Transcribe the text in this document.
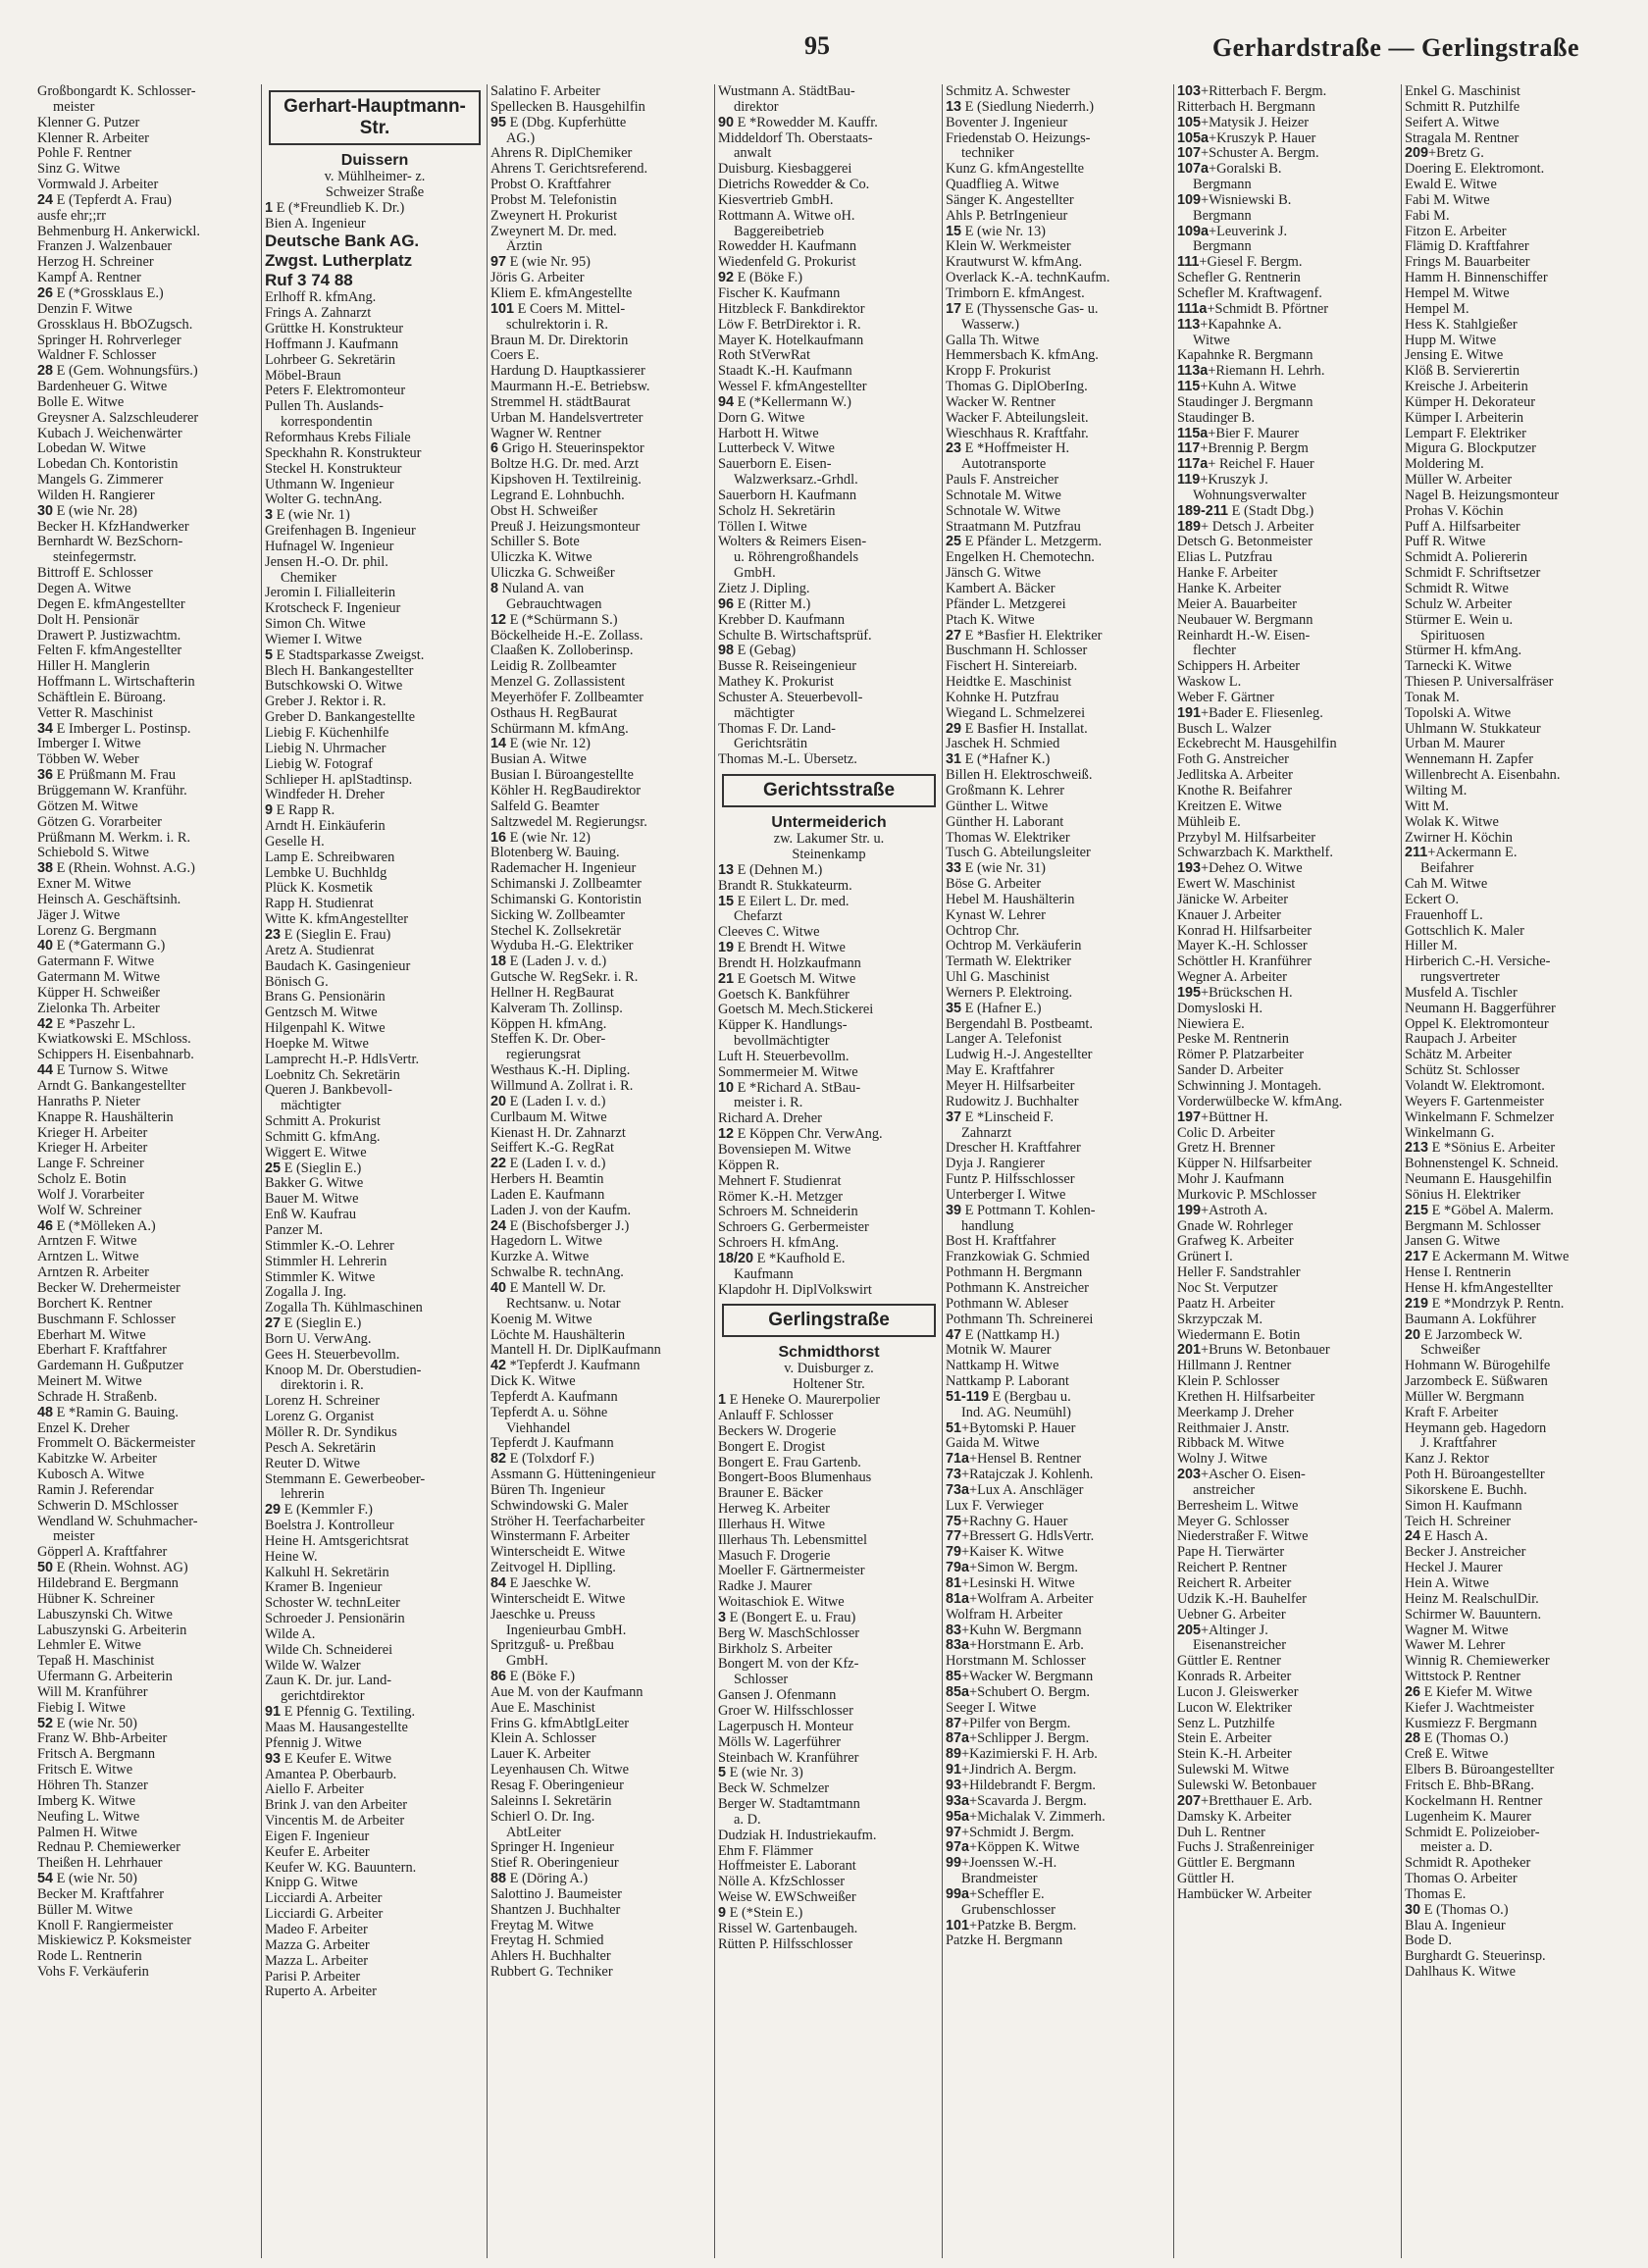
95	Gerhardstraße — Gerlingstraße
Großbongardt K. Schlosser-
meister
Klenner G. Putzer
Klenner R. Arbeiter
Pohle F. Rentner
Sinz G. Witwe
Vormwald J. Arbeiter
24 E (Tepferdt A. Frau)
ausfe ehr;;rr
Behmenburg H. Ankerwickl.
Franzen J. Walzenbauer
Herzog H. Schreiner
Kampf A. Rentner
26 E (*Grossklaus E.)
Denzin F. Witwe
Grossklaus H. BbOZugsch.
Springer H. Rohrverleger
Waldner F. Schlosser
28 E (Gem. Wohnungsfürs.)
Bardenheuer G. Witwe
Bolle E. Witwe
Greysner A. Salzschleuderer
Kubach J. Weichenwärter
Lobedan W. Witwe
Lobedan Ch. Kontoristin
Mangels G. Zimmerer
Wilden H. Rangierer
30 E (wie Nr. 28)
Becker H. KfzHandwerker
Bernhardt W. BezSchorn-
steinfegermstr.
Bittroff E. Schlosser
Degen A. Witwe
Degen E. kfmAngestellter
Dolt H. Pensionär
Drawert P. Justizwachtm.
Felten F. kfmAngestellter
Hiller H. Manglerin
Hoffmann L. Wirtschafterin
Schäftlein E. Büroang.
Vetter R. Maschinist
34 E Imberger L. Postinsp.
Imberger I. Witwe
Többen W. Weber
36 E Prüßmann M. Frau
Brüggemann W. Kranführ.
Götzen M. Witwe
Götzen G. Vorarbeiter
Prüßmann M. Werkm. i. R.
Schiebold S. Witwe
38 E (Rhein. Wohnst. A.G.)
Exner M. Witwe
Heinsch A. Geschäftsinh.
Jäger J. Witwe
Lorenz G. Bergmann
40 E (*Gatermann G.)
Gatermann F. Witwe
Gatermann M. Witwe
Küpper H. Schweißer
Zielonka Th. Arbeiter
42 E *Paszehr L.
Kwiatkowski E. MSchloss.
Schippers H. Eisenbahnarb.
44 E Turnow S. Witwe
Arndt G. Bankangestellter
Hanraths P. Nieter
Knappe R. Haushälterin
Krieger H. Arbeiter
Krieger H. Arbeiter
Lange F. Schreiner
Scholz E. Botin
Wolf J. Vorarbeiter
Wolf W. Schreiner
46 E (*Mölleken A.)
Arntzen F. Witwe
Arntzen L. Witwe
Arntzen R. Arbeiter
Becker W. Drehermeister
Borchert K. Rentner
Buschmann F. Schlosser
Eberhart M. Witwe
Eberhart F. Kraftfahrer
Gardemann H. Gußputzer
Meinert M. Witwe
Schrade H. Straßenb.
48 E *Ramin G. Bauing.
Enzel K. Dreher
Frommelt O. Bäckermeister
Kabitzke W. Arbeiter
Kubosch A. Witwe
Ramin J. Referendar
Schwerin D. MSchlosser
Wendland W. Schuhmacher-
meister
Göpperl A. Kraftfahrer
50 E (Rhein. Wohnst. AG)
Hildebrand E. Bergmann
Hübner K. Schreiner
Labuszynski Ch. Witwe
Labuszynski G. Arbeiterin
Lehmler E. Witwe
Tepaß H. Maschinist
Ufermann G. Arbeiterin
Will M. Kranführer
Fiebig I. Witwe
52 E (wie Nr. 50)
Franz W. Bhb-Arbeiter
Fritsch A. Bergmann
Fritsch E. Witwe
Höhren Th. Stanzer
Imberg K. Witwe
Neufing L. Witwe
Palmen H. Witwe
Rednau P. Chemiewerker
Theißen H. Lehrhauer
54 E (wie Nr. 50)
Becker M. Kraftfahrer
Büller M. Witwe
Knoll F. Rangiermeister
Miskiewicz P. Koksmeister
Rode L. Rentnerin
Vohs F. Verkäuferin
Gerhart-Hauptmann-Str.
Duissern
v. Mühlheimer- z.
Schweizer Straße
1 E (*Freundlieb K. Dr.)
Bien A. Ingenieur
Deutsche Bank AG.
Zwgst. Lutherplatz
Ruf 3 74 88
Erlhoff R. kfmAng.
Frings A. Zahnarzt
Grüttke H. Konstrukteur
Hoffmann J. Kaufmann
Lohrbeer G. Sekretärin
Möbel-Braun
Peters F. Elektromonteur
Pullen Th. Auslands-
korrespondentin
Reformhaus Krebs Filiale
Speckhahn R. Konstrukteur
Steckel H. Konstrukteur
Uthmann W. Ingenieur
Wolter G. technAng.
3 E (wie Nr. 1)
Greifenhagen B. Ingenieur
Hufnagel W. Ingenieur
Jensen H.-O. Dr. phil.
Chemiker
Jeromin I. Filialleiterin
Krotscheck F. Ingenieur
Simon Ch. Witwe
Wiemer I. Witwe
5 E Stadtsparkasse Zweigst.
Blech H. Bankangestellter
Butschkowski O. Witwe
Greber J. Rektor i. R.
Greber D. Bankangestellte
Liebig F. Küchenhilfe
Liebig N. Uhrmacher
Liebig W. Fotograf
Schlieper H. aplStadtinsp.
Windfeder H. Dreher
9 E Rapp R.
Arndt H. Einkäuferin
Geselle H.
Lamp E. Schreibwaren
Lembke U. Buchhldg
Plück K. Kosmetik
Rapp H. Studienrat
Witte K. kfmAngestellter
23 E (Sieglin E. Frau)
Aretz A. Studienrat
Baudach K. Gasingenieur
Bönisch G.
Brans G. Pensionärin
Gentzsch M. Witwe
Hilgenpahl K. Witwe
Hoepke M. Witwe
Lamprecht H.-P. HdlsVertr.
Loebnitz Ch. Sekretärin
Queren J. Bankbevoll-
mächtigter
Schmitt A. Prokurist
Schmitt G. kfmAng.
Wiggert E. Witwe
25 E (Sieglin E.)
Bakker G. Witwe
Bauer M. Witwe
Enß W. Kaufrau
Panzer M.
Stimmler K.-O. Lehrer
Stimmler H. Lehrerin
Stimmler K. Witwe
Zogalla J. Ing.
Zogalla Th. Kühlmaschinen
27 E (Sieglin E.)
Born U. VerwAng.
Gees H. Steuerbevollm.
Knoop M. Dr. Oberstudien-
direktorin i. R.
Lorenz H. Schreiner
Lorenz G. Organist
Möller R. Dr. Syndikus
Pesch A. Sekretärin
Reuter D. Witwe
Stemmann E. Gewerbeober-
lehrerin
29 E (Kemmler F.)
Boelstra J. Kontrolleur
Heine H. Amtsgerichtsrat
Heine W.
Kalkuhl H. Sekretärin
Kramer B. Ingenieur
Schoster W. technLeiter
Schroeder J. Pensionärin
Wilde A.
Wilde Ch. Schneiderei
Wilde W. Walzer
Zaun K. Dr. jur. Land-
gerichtdirektor
91 E Pfennig G. Textiling.
Maas M. Hausangestellte
Pfennig J. Witwe
93 E Keufer E. Witwe
Amantea P. Oberbaurb.
Aiello F. Arbeiter
Brink J. van den Arbeiter
Vincentis M. de Arbeiter
Eigen F. Ingenieur
Keufer E. Arbeiter
Keufer W. KG. Bauuntern.
Knipp G. Witwe
Licciardi A. Arbeiter
Licciardi G. Arbeiter
Madeo F. Arbeiter
Mazza G. Arbeiter
Mazza L. Arbeiter
Parisi P. Arbeiter
Ruperto A. Arbeiter
Salatino F. Arbeiter
Spellecken B. Hausgehilfin
95 E (Dbg. Kupferhütte
AG.)
Ahrens R. DiplChemiker
Ahrens T. Gerichtsreferend.
Probst O. Kraftfahrer
Probst M. Telefonistin
Zweynert H. Prokurist
Zweynert M. Dr. med.
Ärztin
97 E (wie Nr. 95)
Jöris G. Arbeiter
Kliem E. kfmAngestellte
101 E Coers M. Mittel-
schulrektorin i. R.
Braun M. Dr. Direktorin
Coers E.
Hardung D. Hauptkassierer
Maurmann H.-E. Betriebsw.
Stremmel H. städtBaurat
Urban M. Handelsvertreter
Wagner W. Rentner
6 Grigo H. Steuerinspektor
Boltze H.G. Dr. med. Arzt
Kipshoven H. Textilreinig.
Legrand E. Lohnbuchh.
Obst H. Schweißer
Preuß J. Heizungsmonteur
Schiller S. Bote
Uliczka K. Witwe
Uliczka G. Schweißer
8 Nuland A. van
Gebrauchtwagen
12 E (*Schürmann S.)
Böckelheide H.-E. Zollass.
Claaßen K. Zolloberinsp.
Leidig R. Zollbeamter
Menzel G. Zollassistent
Meyerhöfer F. Zollbeamter
Osthaus H. RegBaurat
Schürmann M. kfmAng.
14 E (wie Nr. 12)
Busian A. Witwe
Busian I. Büroangestellte
Köhler H. RegBaudirektor
Salfeld G. Beamter
Saltzwedel M. Regierungsr.
16 E (wie Nr. 12)
Blotenberg W. Bauing.
Rademacher H. Ingenieur
Schimanski J. Zollbeamter
Schimanski G. Kontoristin
Sicking W. Zollbeamter
Stechel K. Zollsekretär
Wyduba H.-G. Elektriker
18 E (Laden J. v. d.)
Gutsche W. RegSekr. i. R.
Hellner H. RegBaurat
Kalveram Th. Zollinsp.
Köppen H. kfmAng.
Steffen K. Dr. Ober-
regierungsrat
Westhaus K.-H. Dipling.
Willmund A. Zollrat i. R.
20 E (Laden I. v. d.)
Curlbaum M. Witwe
Kienast H. Dr. Zahnarzt
Seiffert K.-G. RegRat
22 E (Laden I. v. d.)
Herbers H. Beamtin
Laden E. Kaufmann
Laden J. von der Kaufm.
24 E (Bischofsberger J.)
Hagedorn L. Witwe
Kurzke A. Witwe
Schwalbe R. technAng.
40 E Mantell W. Dr.
Rechtsanw. u. Notar
Koenig M. Witwe
Löchte M. Haushälterin
Mantell H. Dr. DiplKaufmann
42 *Tepferdt J. Kaufmann
Dick K. Witwe
Tepferdt A. Kaufmann
Tepferdt A. u. Söhne
Viehhandel
Tepferdt J. Kaufmann
82 E (Tolxdorf F.)
Assmann G. Hütteningenieur
Büren Th. Ingenieur
Schwindowski G. Maler
Ströher H. Teerfacharbeiter
Winstermann F. Arbeiter
Winterscheidt E. Witwe
Zeitvogel H. Diplling.
84 E Jaeschke W.
Winterscheidt E. Witwe
Jaeschke u. Preuss
Ingenieurbau GmbH.
Spritzguß- u. Preßbau
GmbH.
86 E (Böke F.)
Aue M. von der Kaufmann
Aue E. Maschinist
Frins G. kfmAbtlgLeiter
Klein A. Schlosser
Lauer K. Arbeiter
Leyenhausen Ch. Witwe
Resag F. Oberingenieur
Saleinns I. Sekretärin
Schierl O. Dr. Ing.
AbtLeiter
Springer H. Ingenieur
Stief R. Oberingenieur
88 E (Döring A.)
Salottino J. Baumeister
Shantzen J. Buchhalter
Freytag M. Witwe
Freytag H. Schmied
Ahlers H. Buchhalter
Rubbert G. Techniker
Wustmann A. StädtBau-
direktor
90 E *Rowedder M. Kauffr.
Middeldorf Th. Oberstaats-
anwalt
Duisburg. Kiesbaggerei
Dietrichs Rowedder & Co.
Kiesvertrieb GmbH.
Rottmann A. Witwe oH.
Baggereibetrieb
Rowedder H. Kaufmann
Wiedenfeld G. Prokurist
92 E (Böke F.)
Fischer K. Kaufmann
Hitzbleck F. Bankdirektor
Löw F. BetrDirektor i. R.
Mayer K. Hotelkaufmann
Roth StVerwRat
Staadt K.-H. Kaufmann
Wessel F. kfmAngestellter
94 E (*Kellermann W.)
Dorn G. Witwe
Harbott H. Witwe
Lutterbeck V. Witwe
Sauerborn E. Eisen-
Walzwerksarz.-Grhdl.
Sauerborn H. Kaufmann
Scholz H. Sekretärin
Töllen I. Witwe
Wolters & Reimers Eisen-
u. Röhrengroßhandels
GmbH.
Zietz J. Dipling.
96 E (Ritter M.)
Krebber D. Kaufmann
Schulte B. Wirtschaftsprüf.
98 E (Gebag)
Busse R. Reiseingenieur
Mathey K. Prokurist
Schuster A. Steuerbevoll-
mächtigter
Thomas F. Dr. Land-
Gerichtsrätin
Thomas M.-L. Übersetz.
Gerichtsstraße
Untermeiderich
zw. Lakumer Str. u.
Steinenkamp
13 E (Dehnen M.)
Brandt R. Stukkateurm.
15 E Eilert L. Dr. med.
Chefarzt
Cleeves C. Witwe
19 E Brendt H. Witwe
Brendt H. Holzkaufmann
21 E Goetsch M. Witwe
Goetsch K. Bankführer
Goetsch M. Mech.Stickerei
Küpper K. Handlungs-
bevollmächtigter
Luft H. Steuerbevollm.
Sommermeier M. Witwe
10 E *Richard A. StBau-
meister i. R.
Richard A. Dreher
12 E Köppen Chr. VerwAng.
Bovensiepen M. Witwe
Köppen R.
Mehnert F. Studienrat
Römer K.-H. Metzger
Schroers M. Schneiderin
Schroers G. Gerbermeister
Schroers H. kfmAng.
18/20 E *Kaufhold E.
Kaufmann
Klapdohr H. DiplVolkswirt
Gerlingstraße
Schmidthorst
v. Duisburger z.
Holtener Str.
1 E Heneke O. Maurerpolier
Anlauff F. Schlosser
Beckers W. Drogerie
Bongert E. Drogist
Bongert E. Frau Gartenb.
Bongert-Boos Blumenhaus
Brauner E. Bäcker
Herweg K. Arbeiter
Illerhaus H. Witwe
Illerhaus Th. Lebensmittel
Masuch F. Drogerie
Moeller F. Gärtnermeister
Radke J. Maurer
Woitaschiok E. Witwe
3 E (Bongert E. u. Frau)
Berg W. MaschSchlosser
Birkholz S. Arbeiter
Bongert M. von der Kfz-
Schlosser
Gansen J. Ofenmann
Groer W. Hilfsschlosser
Lagerpusch H. Monteur
Mölls W. Lagerführer
Steinbach W. Kranführer
5 E (wie Nr. 3)
Beck W. Schmelzer
Berger W. Stadtamtmann
a. D.
Dudziak H. Industriekaufm.
Ehm F. Flämmer
Hoffmeister E. Laborant
Nölle A. KfzSchlosser
Weise W. EWSchweißer
9 E (*Stein E.)
Rissel W. Gartenbaugeh.
Rütten P. Hilfsschlosser
Schmitz A. Schwester
13 E (Siedlung Niederrh.)
Boventer J. Ingenieur
Friedenstab O. Heizungs-
techniker
Kunz G. kfmAngestellte
Quadflieg A. Witwe
Sänger K. Angestellter
Ahls P. BetrIngenieur
15 E (wie Nr. 13)
Klein W. Werkmeister
Krautwurst W. kfmAng.
Overlack K.-A. technKaufm.
Trimborn E. kfmAngest.
17 E (Thyssensche Gas- u.
Wasserw.)
Galla Th. Witwe
Hemmersbach K. kfmAng.
Kropp F. Prokurist
Thomas G. DiplOberIng.
Wacker W. Rentner
Wacker F. Abteilungsleit.
Wieschhaus R. Kraftfahr.
23 E *Hoffmeister H.
Autotransporte
Pauls F. Anstreicher
Schnotale M. Witwe
Schnotale W. Witwe
Straatmann M. Putzfrau
25 E Pfänder L. Metzgerm.
Engelken H. Chemotechn.
Jänsch G. Witwe
Kambert A. Bäcker
Pfänder L. Metzgerei
Ptach K. Witwe
27 E *Basfier H. Elektriker
Buschmann H. Schlosser
Fischert H. Sintereiarb.
Heidtke E. Maschinist
Kohnke H. Putzfrau
Wiegand L. Schmelzerei
29 E Basfier H. Installat.
Jaschek H. Schmied
31 E (*Hafner K.)
Billen H. Elektroschweiß.
Großmann K. Lehrer
Günther L. Witwe
Günther H. Laborant
Thomas W. Elektriker
Tusch G. Abteilungsleiter
33 E (wie Nr. 31)
Böse G. Arbeiter
Hebel M. Haushälterin
Kynast W. Lehrer
Ochtrop Chr.
Ochtrop M. Verkäuferin
Termath W. Elektriker
Uhl G. Maschinist
Werners P. Elektroing.
35 E (Hafner E.)
Bergendahl B. Postbeamt.
Langer A. Telefonist
Ludwig H.-J. Angestellter
May E. Kraftfahrer
Meyer H. Hilfsarbeiter
Rudowitz J. Buchhalter
37 E *Linscheid F.
Zahnarzt
Drescher H. Kraftfahrer
Dyja J. Rangierer
Funtz P. Hilfsschlosser
Unterberger I. Witwe
39 E Pottmann T. Kohlen-
handlung
Bost H. Kraftfahrer
Franzkowiak G. Schmied
Pothmann H. Bergmann
Pothmann K. Anstreicher
Pothmann W. Ableser
Pothmann Th. Schreinerei
47 E (Nattkamp H.)
Motnik W. Maurer
Nattkamp H. Witwe
Nattkamp P. Laborant
51-119 E (Bergbau u.
Ind. AG. Neumühl)
51+Bytomski P. Hauer
Gaida M. Witwe
71a+Hensel B. Rentner
73+Ratajczak J. Kohlenh.
73a+Lux A. Anschläger
Lux F. Verwieger
75+Rachny G. Hauer
77+Bressert G. HdlsVertr.
79+Kaiser K. Witwe
79a+Simon W. Bergm.
81+Lesinski H. Witwe
81a+Wolfram A. Arbeiter
Wolfram H. Arbeiter
83+Kuhn W. Bergmann
83a+Horstmann E. Arb.
Horstmann M. Schlosser
85+Wacker W. Bergmann
85a+Schubert O. Bergm.
Seeger I. Witwe
87+Pilfer von Bergm.
87a+Schlipper J. Bergm.
89+Kazimierski F. H. Arb.
91+Jindrich A. Bergm.
93+Hildebrandt F. Bergm.
93a+Scavarda J. Bergm.
95a+Michalak V. Zimmerh.
97+Schmidt J. Bergm.
97a+Köppen K. Witwe
99+Joenssen W.-H.
Brandmeister
99a+Scheffler E.
Grubenschlosser
101+Patzke B. Bergm.
Patzke H. Bergmann
103+Ritterbach F. Bergm.
Ritterbach H. Bergmann
105+Matysik J. Heizer
105a+Kruszyk P. Hauer
107+Schuster A. Bergm.
107a+Goralski B.
Bergmann
109+Wisniewski B.
Bergmann
109a+Leuverink J.
Bergmann
111+Giesel F. Bergm.
Schefler G. Rentnerin
Schefler M. Kraftwagenf.
111a+Schmidt B. Pförtner
113+Kapahnke A.
Witwe
Kapahnke R. Bergmann
113a+Riemann H. Lehrh.
115+Kuhn A. Witwe
Staudinger J. Bergmann
Staudinger B.
115a+Bier F. Maurer
117+Brennig P. Bergm
117a+ Reichel F. Hauer
119+Kruszyk J.
Wohnungsverwalter
189-211 E (Stadt Dbg.)
189+ Detsch J. Arbeiter
Detsch G. Betonmeister
Elias L. Putzfrau
Hanke F. Arbeiter
Hanke K. Arbeiter
Meier A. Bauarbeiter
Neubauer W. Bergmann
Reinhardt H.-W. Eisen-
flechter
Schippers H. Arbeiter
Waskow L.
Weber F. Gärtner
191+Bader E. Fliesenleg.
Busch L. Walzer
Eckebrecht M. Hausgehilfin
Foth G. Anstreicher
Jedlitska A. Arbeiter
Knothe R. Beifahrer
Kreitzen E. Witwe
Mühleib E.
Przybyl M. Hilfsarbeiter
Schwarzbach K. Markthelf.
193+Dehez O. Witwe
Ewert W. Maschinist
Jänicke W. Arbeiter
Knauer J. Arbeiter
Konrad H. Hilfsarbeiter
Mayer K.-H. Schlosser
Schöttler H. Kranführer
Wegner A. Arbeiter
195+Brückschen H.
Domysloski H.
Niewiera E.
Peske M. Rentnerin
Römer P. Platzarbeiter
Sander D. Arbeiter
Schwinning J. Montageh.
Vorderwülbecke W. kfmAng.
197+Büttner H.
Colic D. Arbeiter
Gretz H. Brenner
Küpper N. Hilfsarbeiter
Mohr J. Kaufmann
Murkovic P. MSchlosser
199+Astroth A.
Gnade W. Rohrleger
Grafweg K. Arbeiter
Grünert I.
Heller F. Sandstrahler
Noc St. Verputzer
Paatz H. Arbeiter
Skrzypczak M.
Wiedermann E. Botin
201+Bruns W. Betonbauer
Hillmann J. Rentner
Klein P. Schlosser
Krethen H. Hilfsarbeiter
Meerkamp J. Dreher
Reithmaier J. Anstr.
Ribback M. Witwe
Wolny J. Witwe
203+Ascher O. Eisen-
anstreicher
Berresheim L. Witwe
Meyer G. Schlosser
Niederstraßer F. Witwe
Pape H. Tierwärter
Reichert P. Rentner
Reichert R. Arbeiter
Udzik K.-H. Bauhelfer
Uebner G. Arbeiter
205+Altinger J.
Eisenanstreicher
Güttler E. Rentner
Konrads R. Arbeiter
Lucon J. Gleiswerker
Lucon W. Elektriker
Senz L. Putzhilfe
Stein E. Arbeiter
Stein K.-H. Arbeiter
Sulewski M. Witwe
Sulewski W. Betonbauer
207+Bretthauer E. Arb.
Damsky K. Arbeiter
Duh L. Rentner
Fuchs J. Straßenreiniger
Güttler E. Bergmann
Güttler H.
Hambücker W. Arbeiter
Enkel G. Maschinist
Schmitt R. Putzhilfe
Seifert A. Witwe
Stragala M. Rentner
209+Bretz G.
Doering E. Elektromont.
Ewald E. Witwe
Fabi M. Witwe
Fabi M.
Fitzon E. Arbeiter
Flämig D. Kraftfahrer
Frings M. Bauarbeiter
Hamm H. Binnenschiffer
Hempel M. Witwe
Hempel M.
Hess K. Stahlgießer
Hupp M. Witwe
Jensing E. Witwe
Klöß B. Servierertin
Kreische J. Arbeiterin
Kümper H. Dekorateur
Kümper I. Arbeiterin
Lempart F. Elektriker
Migura G. Blockputzer
Moldering M.
Müller W. Arbeiter
Nagel B. Heizungsmonteur
Prohas V. Köchin
Puff A. Hilfsarbeiter
Puff R. Witwe
Schmidt A. Poliererin
Schmidt F. Schriftsetzer
Schmidt R. Witwe
Schulz W. Arbeiter
Stürmer E. Wein u.
Spirituosen
Stürmer H. kfmAng.
Tarnecki K. Witwe
Thiesen P. Universalfräser
Tonak M.
Topolski A. Witwe
Uhlmann W. Stukkateur
Urban M. Maurer
Wennemann H. Zapfer
Willenbrecht A. Eisenbahn.
Wilting M.
Witt M.
Wolak K. Witwe
Zwirner H. Köchin
211+Ackermann E.
Beifahrer
Cah M. Witwe
Eckert O.
Frauenhoff L.
Gottschlich K. Maler
Hiller M.
Hirberich C.-H. Versiche-
rungsvertreter
Musfeld A. Tischler
Neumann H. Baggerführer
Oppel K. Elektromonteur
Raupach J. Arbeiter
Schätz M. Arbeiter
Schütz St. Schlosser
Volandt W. Elektromont.
Weyers F. Gartenmeister
Winkelmann F. Schmelzer
Winkelmann G.
213 E *Sönius E. Arbeiter
Bohnenstengel K. Schneid.
Neumann E. Hausgehilfin
Sönius H. Elektriker
215 E *Göbel A. Malerm.
Bergmann M. Schlosser
Jansen G. Witwe
217 E Ackermann M. Witwe
Hense I. Rentnerin
Hense H. kfmAngestellter
219 E *Mondrzyk P. Rentn.
Baumann A. Lokführer
20 E Jarzombeck W.
Schweißer
Hohmann W. Bürogehilfe
Jarzombeck E. Süßwaren
Müller W. Bergmann
Kraft F. Arbeiter
Heymann geb. Hagedorn
J. Kraftfahrer
Kanz J. Rektor
Poth H. Büroangestellter
Sikorskene E. Buchh.
Simon H. Kaufmann
Teich H. Schreiner
24 E Hasch A.
Becker J. Anstreicher
Heckel J. Maurer
Hein A. Witwe
Heinz M. RealschulDir.
Schirmer W. Bauuntern.
Wagner M. Witwe
Wawer M. Lehrer
Winnig R. Chemiewerker
Wittstock P. Rentner
26 E Kiefer M. Witwe
Kiefer J. Wachtmeister
Kusmiezz F. Bergmann
28 E (Thomas O.)
Creß E. Witwe
Elbers B. Büroangestellter
Fritsch E. Bhb-BRang.
Kockelmann H. Rentner
Lugenheim K. Maurer
Schmidt E. Polizeiober-
meister a. D.
Schmidt R. Apotheker
Thomas O. Arbeiter
Thomas E.
30 E (Thomas O.)
Blau A. Ingenieur
Bode D.
Burghardt G. Steuerinsp.
Dahlhaus K. Witwe
